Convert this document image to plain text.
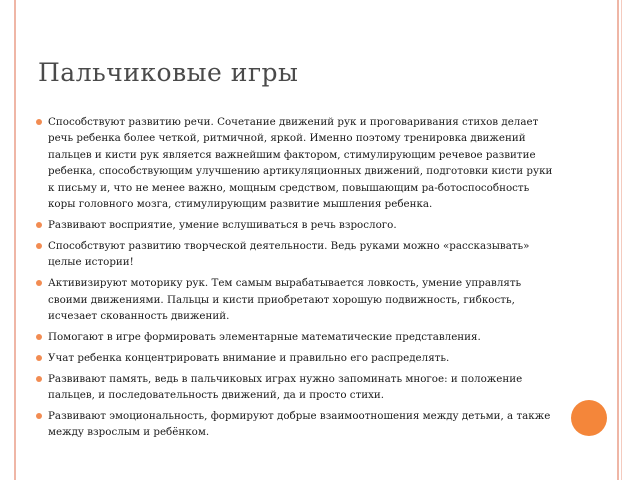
Пальчиковые игры
Способствуют развитию речи. Сочетание движений рук и проговаривания стихов делает речь ребенка более четкой, ритмичной, яркой. Именно поэтому тренировка движений пальцев и кисти рук является важнейшим фактором, стимулирующим речевое развитие ребенка, способствующим улучшению артикуляционных движений, подготовки кисти руки к письму и, что не менее важно, мощным средством, повышающим ра-ботоспособность коры головного мозга, стимулирующим развитие мышления ребенка.
Развивают восприятие, умение вслушиваться в речь взрослого.
Способствуют развитию творческой деятельности. Ведь руками можно «рассказывать» целые истории!
Активизируют моторику рук. Тем самым вырабатывается ловкость, умение управлять своими движениями. Пальцы и кисти приобретают хорошую подвижность, гибкость, исчезает скованность движений.
Помогают в игре формировать элементарные математические представления.
Учат ребенка концентрировать внимание и правильно его распределять.
Развивают память, ведь в пальчиковых играх нужно запоминать многое: и положение пальцев, и последовательность движений, да и просто стихи.
Развивают эмоциональность, формируют добрые взаимоотношения между детьми, а также между взрослым и ребёнком.
